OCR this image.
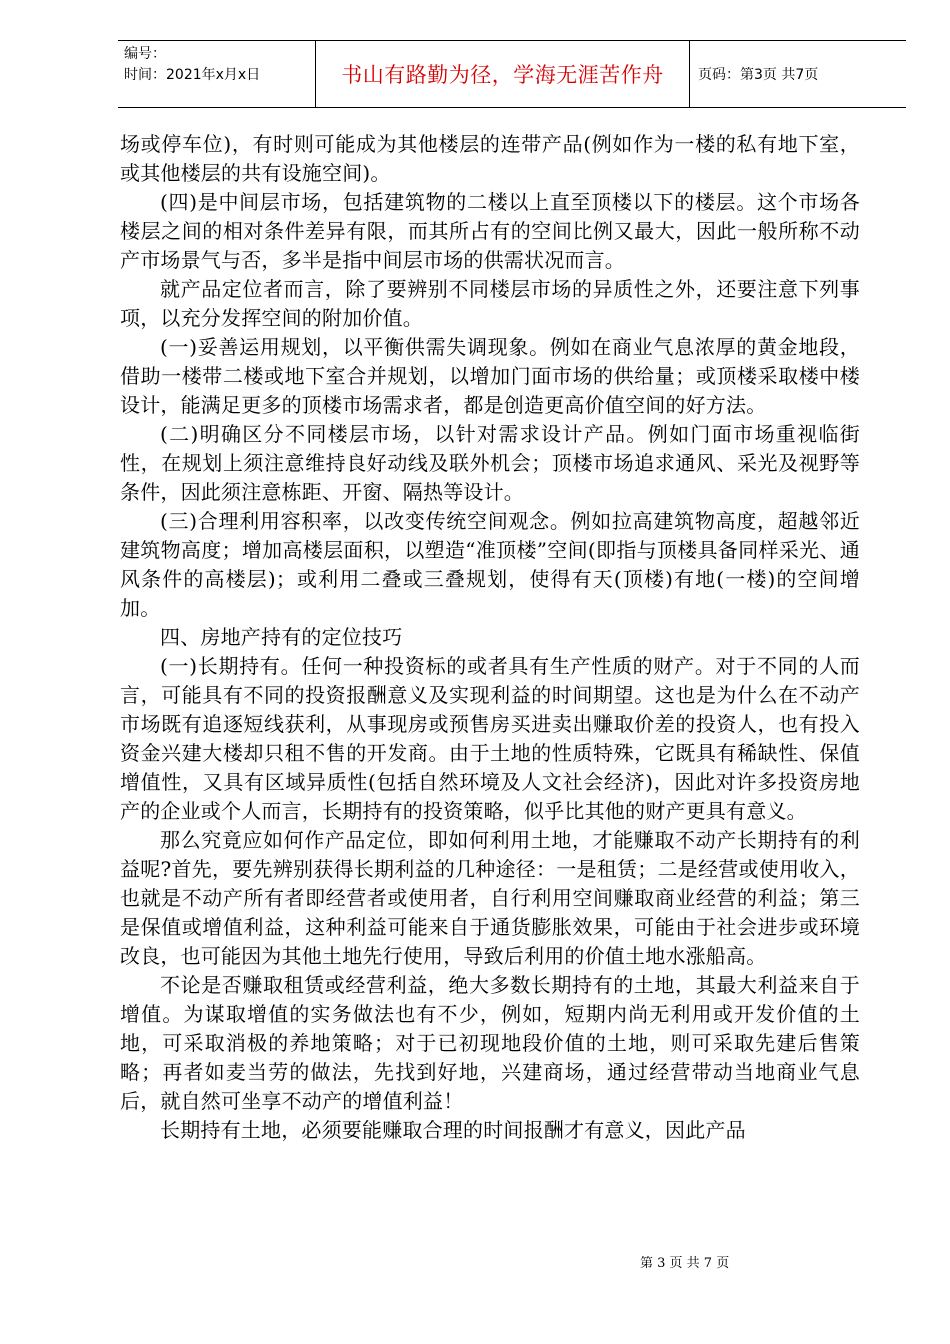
编号：
时间：2021年x月x日	书山有路勤为径，学海无涯苦作舟	页码：第3页 共7页

场或停车位)，有时则可能成为其他楼层的连带产品(例如作为一楼的私有地下室，或其他楼层的共有设施空间)。

(四)是中间层市场，包括建筑物的二楼以上直至顶楼以下的楼层。这个市场各楼层之间的相对条件差异有限，而其所占有的空间比例又最大，因此一般所称不动产市场景气与否，多半是指中间层市场的供需状况而言。

就产品定位者而言，除了要辨别不同楼层市场的异质性之外，还要注意下列事项，以充分发挥空间的附加价值。

(一)妥善运用规划，以平衡供需失调现象。例如在商业气息浓厚的黄金地段，借助一楼带二楼或地下室合并规划，以增加门面市场的供给量；或顶楼采取楼中楼设计，能满足更多的顶楼市场需求者，都是创造更高价值空间的好方法。

(二)明确区分不同楼层市场，以针对需求设计产品。例如门面市场重视临街性，在规划上须注意维持良好动线及联外机会；顶楼市场追求通风、采光及视野等条件，因此须注意栋距、开窗、隔热等设计。

(三)合理利用容积率，以改变传统空间观念。例如拉高建筑物高度，超越邻近建筑物高度；增加高楼层面积，以塑造“准顶楼”空间(即指与顶楼具备同样采光、通风条件的高楼层)；或利用二叠或三叠规划，使得有天(顶楼)有地(一楼)的空间增加。

四、房地产持有的定位技巧

(一)长期持有。任何一种投资标的或者具有生产性质的财产。对于不同的人而言，可能具有不同的投资报酬意义及实现利益的时间期望。这也是为什么在不动产市场既有追逐短线获利，从事现房或预售房买进卖出赚取价差的投资人，也有投入资金兴建大楼却只租不售的开发商。由于土地的性质特殊，它既具有稀缺性、保值增值性，又具有区域异质性(包括自然环境及人文社会经济)，因此对许多投资房地产的企业或个人而言，长期持有的投资策略，似乎比其他的财产更具有意义。

那么究竟应如何作产品定位，即如何利用土地，才能赚取不动产长期持有的利益呢?首先，要先辨别获得长期利益的几种途径：一是租赁；二是经营或使用收入，也就是不动产所有者即经营者或使用者，自行利用空间赚取商业经营的利益；第三是保值或增值利益，这种利益可能来自于通货膨胀效果，可能由于社会进步或环境改良，也可能因为其他土地先行使用，导致后利用的价值土地水涨船高。

不论是否赚取租赁或经营利益，绝大多数长期持有的土地，其最大利益来自于增值。为谋取增值的实务做法也有不少，例如，短期内尚无利用或开发价值的土地，可采取消极的养地策略；对于已初现地段价值的土地，则可采取先建后售策略；再者如麦当劳的做法，先找到好地，兴建商场，通过经营带动当地商业气息后，就自然可坐享不动产的增值利益！

长期持有土地，必须要能赚取合理的时间报酬才有意义，因此产品

第 3 页 共 7 页
